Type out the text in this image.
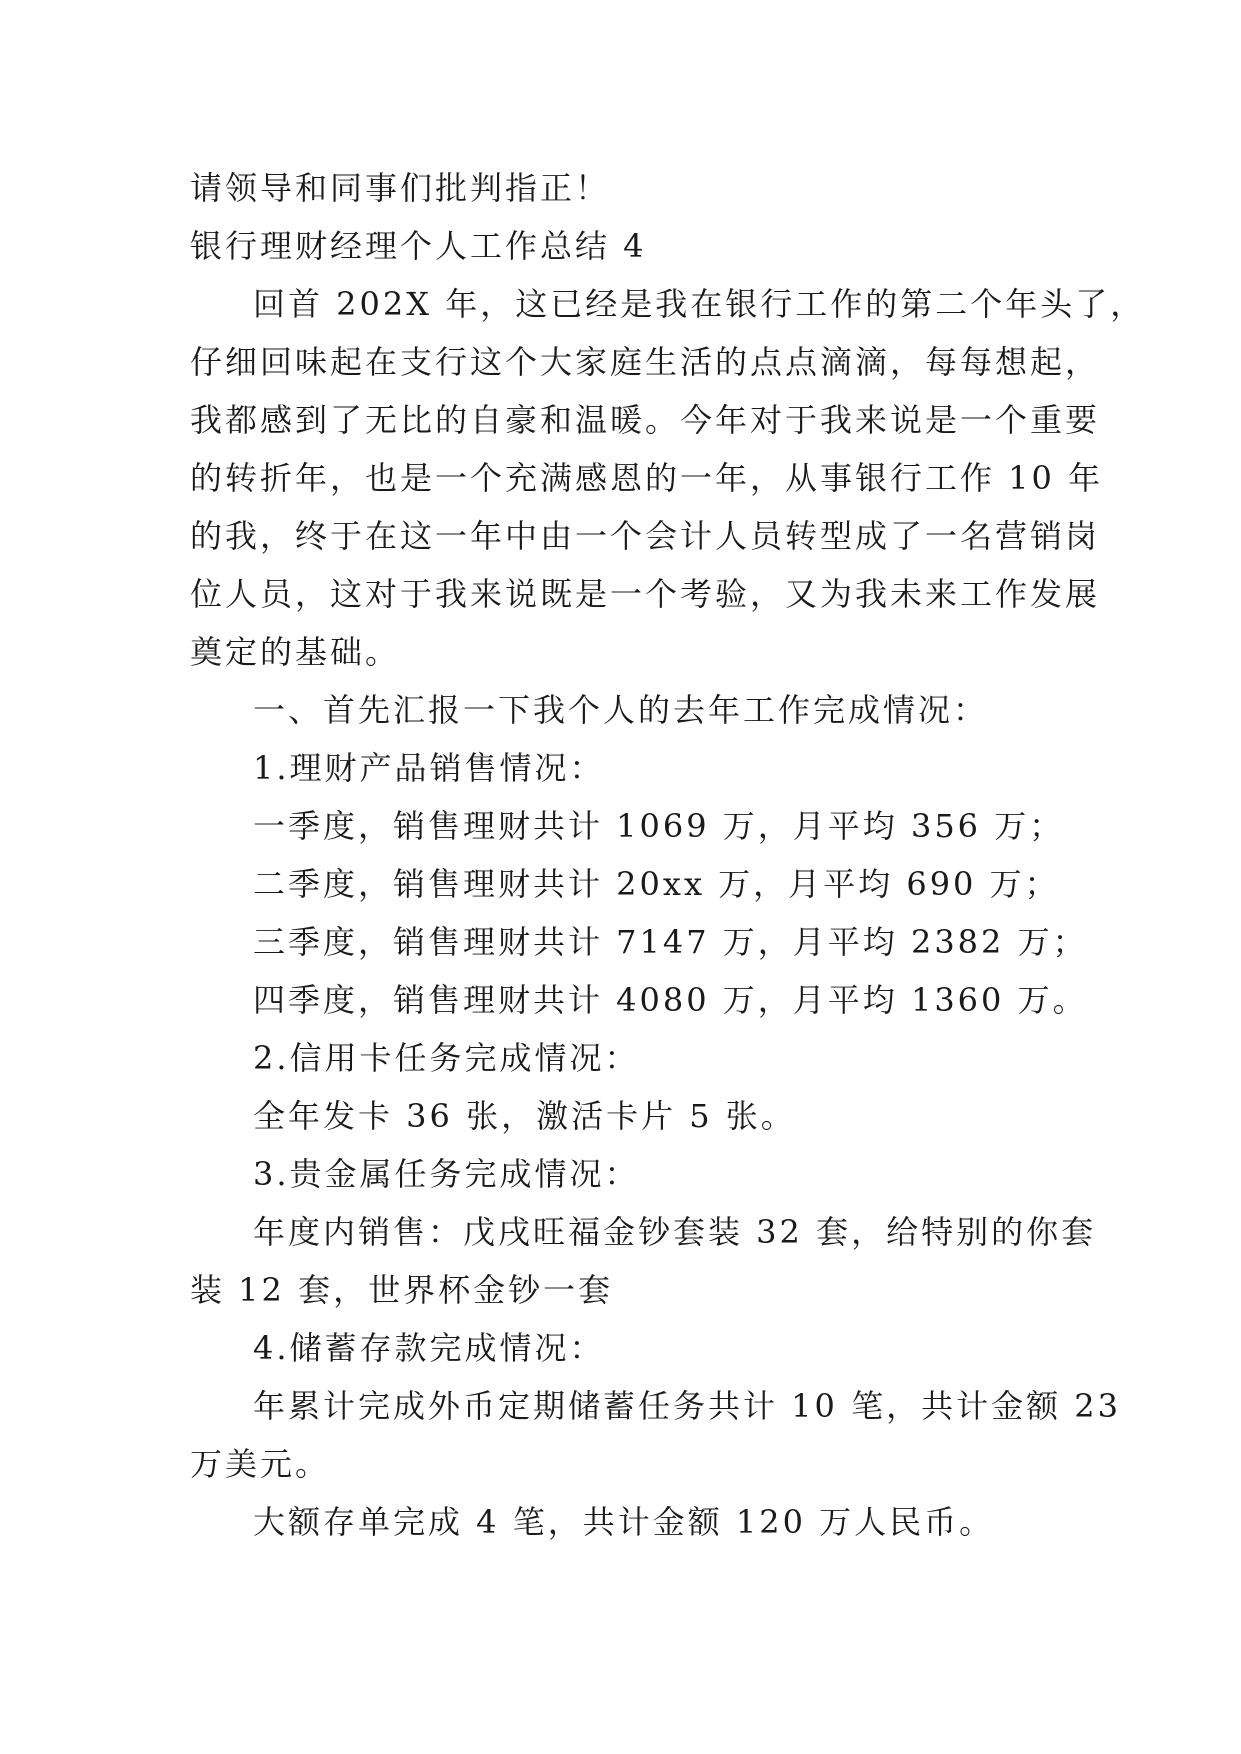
请领导和同事们批判指正！

银行理财经理个人工作总结 4

回首 202X 年，这已经是我在银行工作的第二个年头了，

仔细回味起在支行这个大家庭生活的点点滴滴，每每想起，

我都感到了无比的自豪和温暖。今年对于我来说是一个重要

的转折年，也是一个充满感恩的一年，从事银行工作 10 年

的我，终于在这一年中由一个会计人员转型成了一名营销岗

位人员，这对于我来说既是一个考验，又为我未来工作发展

奠定的基础。

一、首先汇报一下我个人的去年工作完成情况：

1.理财产品销售情况：

一季度，销售理财共计 1069 万，月平均 356 万；

二季度，销售理财共计 20xx 万，月平均 690 万；

三季度，销售理财共计 7147 万，月平均 2382 万；

四季度，销售理财共计 4080 万，月平均 1360 万。

2.信用卡任务完成情况：

全年发卡 36 张，激活卡片 5 张。

3.贵金属任务完成情况：

年度内销售：戊戌旺福金钞套装 32 套，给特别的你套

装 12 套，世界杯金钞一套

4.储蓄存款完成情况：

年累计完成外币定期储蓄任务共计 10 笔，共计金额 23

万美元。

大额存单完成 4 笔，共计金额 120 万人民币。
